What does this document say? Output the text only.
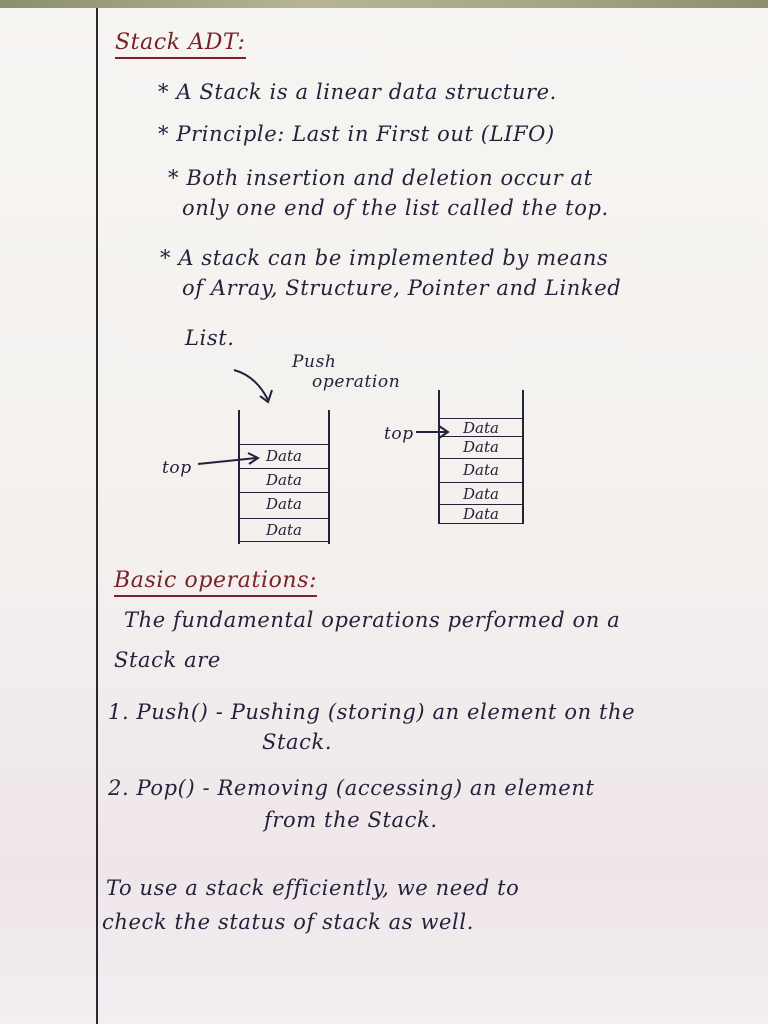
Stack ADT:
* A Stack is a linear data structure.
* Principle: Last in First out (LIFO)
* Both insertion and deletion occur at
only one end of the list called the top.
* A stack can be implemented by means
of Array, Structure, Pointer and Linked
List.
Push
operation
Data
Data
Data
Data
top
Data
Data
Data
Data
Data
top
Basic operations:
The fundamental operations performed on a
Stack are
1. Push() - Pushing (storing) an element on the
Stack.
2. Pop() - Removing (accessing) an element
from the Stack.
To use a stack efficiently, we need to
check the status of stack as well.
